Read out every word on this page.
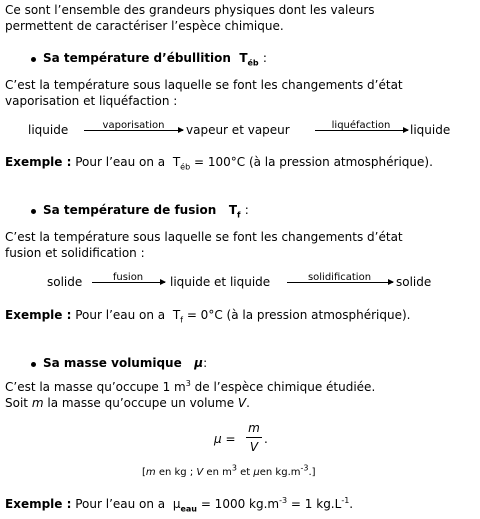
Ce sont l’ensemble des grandeurs physiques dont les valeurs
permettent de caractériser l’espèce chimique.
Sa température d’ébullition $T_{éb}$ :
C’est la température sous laquelle se font les changements d’état
vaporisation et liquéfaction :
liquide	vaporisation	vapeur et vapeur	liquéfaction	liquide
Exemple : Pour l’eau on a $T_{éb} = 100^\circ C$ (à la pression atmosphérique).
Sa température de fusion $T_f$ :
C’est la température sous laquelle se font les changements d’état
fusion et solidification :
solide	fusion	liquide et liquide	solidification	solide
Exemple : Pour l’eau on a $T_f = 0^\circ C$ (à la pression atmosphérique).
Sa masse volumique μ:
C’est la masse qu’occupe 1 $m^3$ de l’espèce chimique étudiée.
Soit m la masse qu’occupe un volume V.
μ =
m
V
.
[m en kg ; V en $m^3$ et μen $kg.m^{-3}$.]
Exemple : Pour l’eau on a $\mu_{eau} = 1000$ $kg.m^{-3} = 1$ $kg.L^{-1}$.
